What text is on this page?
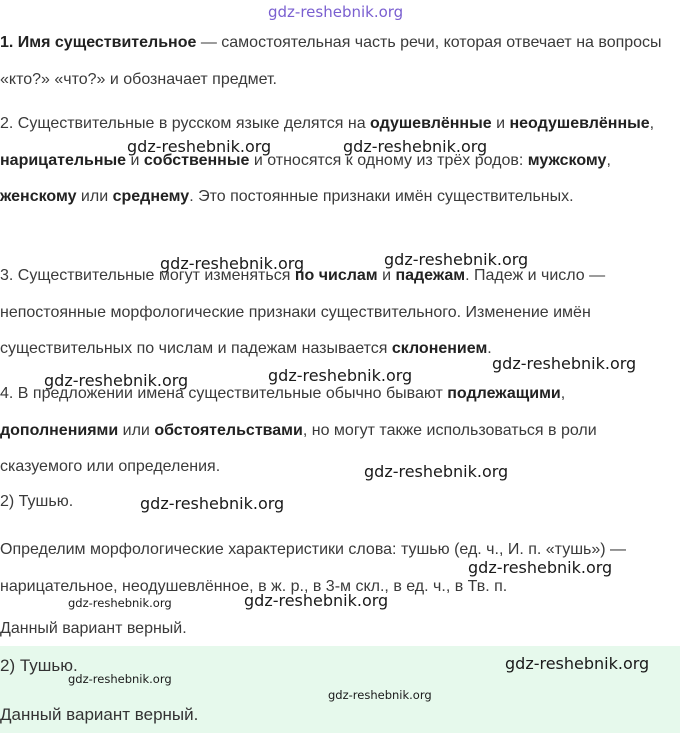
gdz-reshebnik.org

1. Имя существительное — самостоятельная часть речи, которая отвечает на вопросы «кто?» «что?» и обозначает предмет.

2. Существительные в русском языке делятся на одушевлённые и неодушевлённые, нарицательные и собственные и относятся к одному из трёх родов: мужскому, женскому или среднему. Это постоянные признаки имён существительных.

3. Существительные могут изменяться по числам и падежам. Падеж и число — непостоянные морфологические признаки существительного. Изменение имён существительных по числам и падежам называется склонением.

4. В предложении имена существительные обычно бывают подлежащими, дополнениями или обстоятельствами, но могут также использоваться в роли сказуемого или определения.

2) Тушью.

Определим морфологические характеристики слова: тушью (ед. ч., И. п. «тушь») — нарицательное, неодушевлённое, в ж. р., в 3-м скл., в ед. ч., в Тв. п.

Данный вариант верный.

2) Тушью.

Данный вариант верный.

gdz-reshebnik.org	gdz-reshebnik.org
gdz-reshebnik.org	gdz-reshebnik.org
gdz-reshebnik.org
gdz-reshebnik.org	gdz-reshebnik.org
gdz-reshebnik.org
gdz-reshebnik.org
gdz-reshebnik.org
gdz-reshebnik.org	gdz-reshebnik.org
gdz-reshebnik.org
gdz-reshebnik.org
gdz-reshebnik.org
